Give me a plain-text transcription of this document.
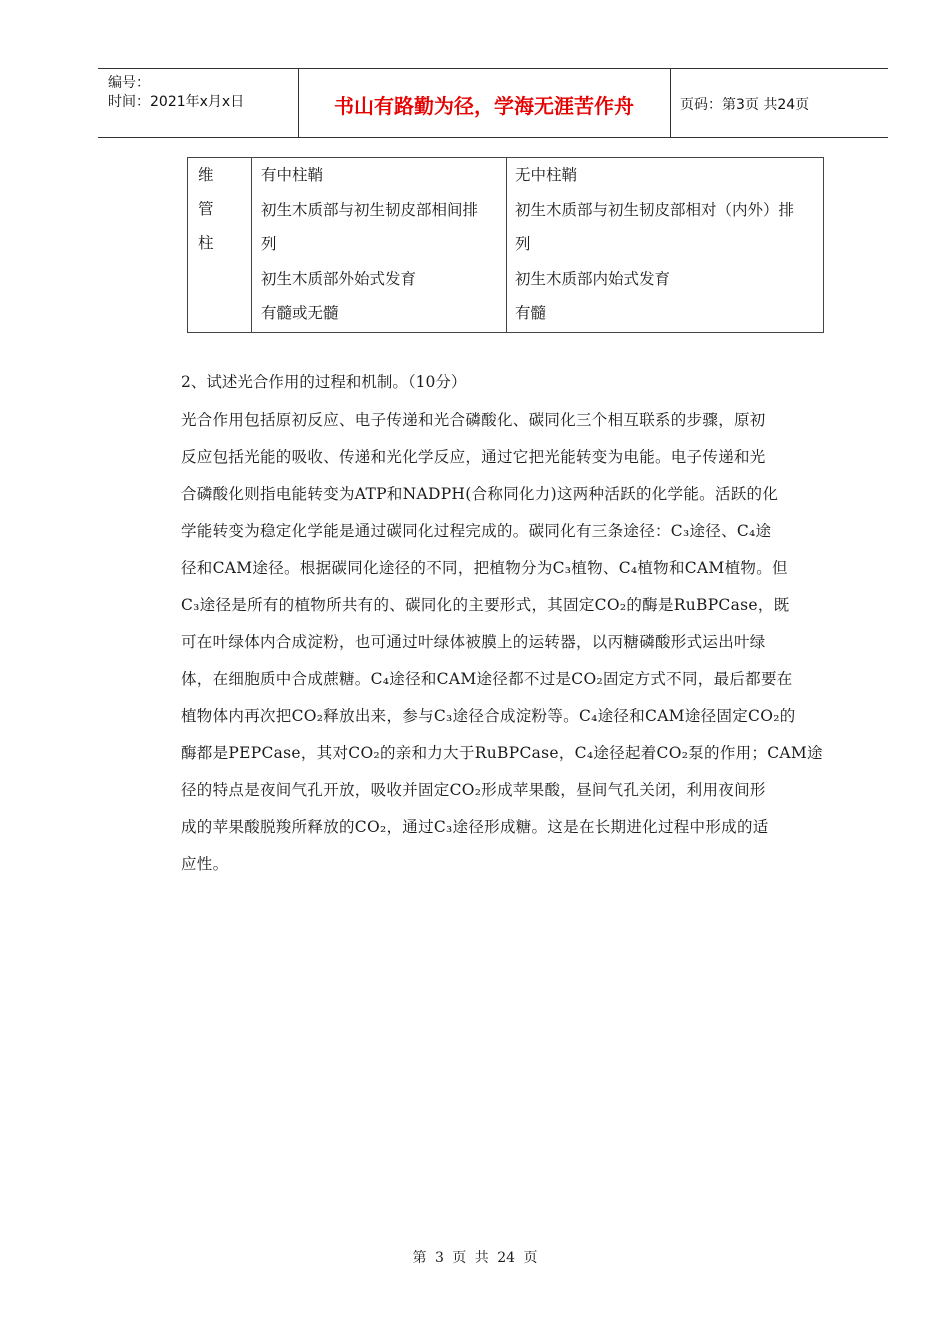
编号：
时间：2021年x月x日	书山有路勤为径，学海无涯苦作舟	页码：第3页 共24页
维
管
柱
有中柱鞘
初生木质部与初生韧皮部相间排
列
初生木质部外始式发育
有髓或无髓
无中柱鞘
初生木质部与初生韧皮部相对（内外）排
列
初生木质部内始式发育
有髓
2、试述光合作用的过程和机制。（10分）
光合作用包括原初反应、电子传递和光合磷酸化、碳同化三个相互联系的步骤，原初
反应包括光能的吸收、传递和光化学反应，通过它把光能转变为电能。电子传递和光
合磷酸化则指电能转变为ATP和NADPH(合称同化力)这两种活跃的化学能。活跃的化
学能转变为稳定化学能是通过碳同化过程完成的。碳同化有三条途径：C₃途径、C₄途
径和CAM途径。根据碳同化途径的不同，把植物分为C₃植物、C₄植物和CAM植物。但
C₃途径是所有的植物所共有的、碳同化的主要形式，其固定CO₂的酶是RuBPCase，既
可在叶绿体内合成淀粉，也可通过叶绿体被膜上的运转器，以丙糖磷酸形式运出叶绿
体，在细胞质中合成蔗糖。C₄途径和CAM途径都不过是CO₂固定方式不同，最后都要在
植物体内再次把CO₂释放出来，参与C₃途径合成淀粉等。C₄途径和CAM途径固定CO₂的
酶都是PEPCase，其对CO₂的亲和力大于RuBPCase，C₄途径起着CO₂泵的作用；CAM途
径的特点是夜间气孔开放，吸收并固定CO₂形成苹果酸，昼间气孔关闭，利用夜间形
成的苹果酸脱羧所释放的CO₂，通过C₃途径形成糖。这是在长期进化过程中形成的适
应性。
第 3 页 共 24 页
